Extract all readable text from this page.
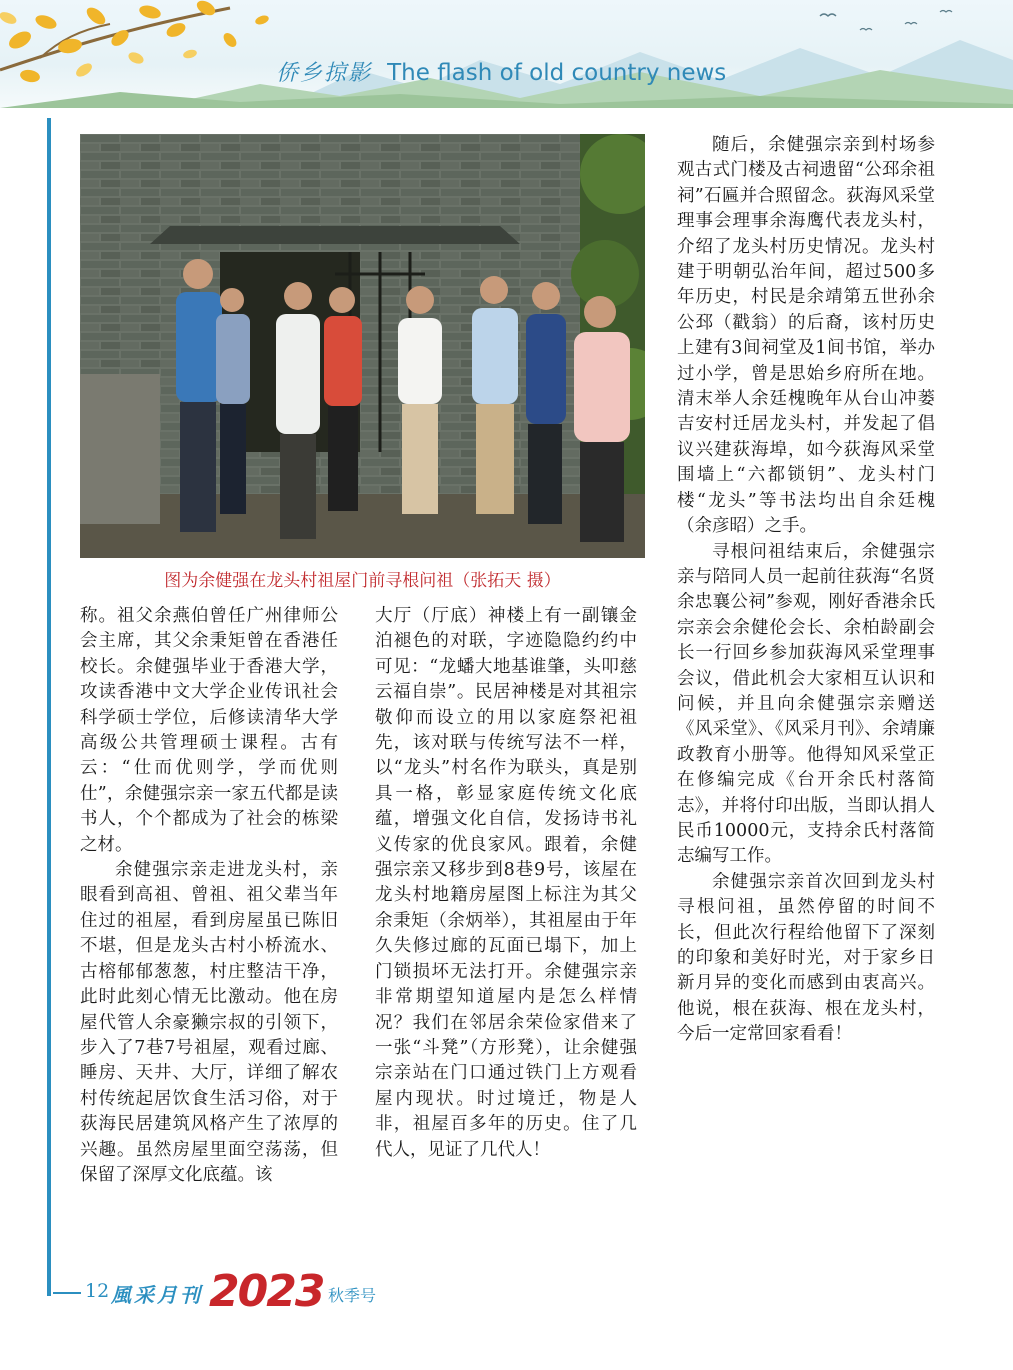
侨乡掠影 The flash of old country news
图为余健强在龙头村祖屋门前寻根问祖（张拓天 摄）

称。祖父余燕伯曾任广州律师公会主席，其父余秉矩曾在香港任校长。余健强毕业于香港大学，攻读香港中文大学企业传讯社会科学硕士学位，后修读清华大学高级公共管理硕士课程。古有云：“仕而优则学，学而优则仕”，余健强宗亲一家五代都是读书人，个个都成为了社会的栋梁之材。

余健强宗亲走进龙头村，亲眼看到高祖、曾祖、祖父辈当年住过的祖屋，看到房屋虽已陈旧不堪，但是龙头古村小桥流水、古榕郁郁葱葱，村庄整洁干净，此时此刻心情无比激动。他在房屋代管人余豪獭宗叔的引领下，步入了7巷7号祖屋，观看过廊、睡房、天井、大厅，详细了解农村传统起居饮食生活习俗，对于荻海民居建筑风格产生了浓厚的兴趣。虽然房屋里面空荡荡，但保留了深厚文化底蕴。该

大厅（厅底）神楼上有一副镶金泊褪色的对联，字迹隐隐约约中可见：“龙蟠大地基谁肇，头叩慈云福自崇”。民居神楼是对其祖宗敬仰而设立的用以家庭祭祀祖先，该对联与传统写法不一样，以“龙头”村名作为联头，真是别具一格，彰显家庭传统文化底蕴，增强文化自信，发扬诗书礼义传家的优良家风。跟着，余健强宗亲又移步到8巷9号，该屋在龙头村地籍房屋图上标注为其父余秉矩（余炳举），其祖屋由于年久失修过廊的瓦面已塌下，加上门锁损坏无法打开。余健强宗亲非常期望知道屋内是怎么样情况？我们在邻居余荣俭家借来了一张“斗凳”（方形凳），让余健强宗亲站在门口通过铁门上方观看屋内现状。时过境迁，物是人非，祖屋百多年的历史。住了几代人，见证了几代人！

随后，余健强宗亲到村场参观古式门楼及古祠遗留“公邳余祖祠”石匾并合照留念。荻海风采堂理事会理事余海鹰代表龙头村，介绍了龙头村历史情况。龙头村建于明朝弘治年间，超过500多年历史，村民是余靖第五世孙余公邳（戳翁）的后裔，该村历史上建有3间祠堂及1间书馆，举办过小学，曾是思始乡府所在地。清末举人余廷槐晚年从台山冲蒌吉安村迁居龙头村，并发起了倡议兴建荻海埠，如今荻海风采堂围墙上“六都锁钥”、龙头村门楼“龙头”等书法均出自余廷槐（余彦昭）之手。

寻根问祖结束后，余健强宗亲与陪同人员一起前往荻海“名贤余忠襄公祠”参观，刚好香港余氏宗亲会余健伦会长、余柏龄副会长一行回乡参加荻海风采堂理事会议，借此机会大家相互认识和问候，并且向余健强宗亲赠送《风采堂》、《风采月刊》、余靖廉政教育小册等。他得知风采堂正在修编完成《台开余氏村落简志》，并将付印出版，当即认捐人民币10000元，支持余氏村落简志编写工作。

余健强宗亲首次回到龙头村寻根问祖，虽然停留的时间不长，但此次行程给他留下了深刻的印象和美好时光，对于家乡日新月异的变化而感到由衷高兴。他说，根在荻海、根在龙头村，今后一定常回家看看！

12 風采月刊 2023 秋季号
